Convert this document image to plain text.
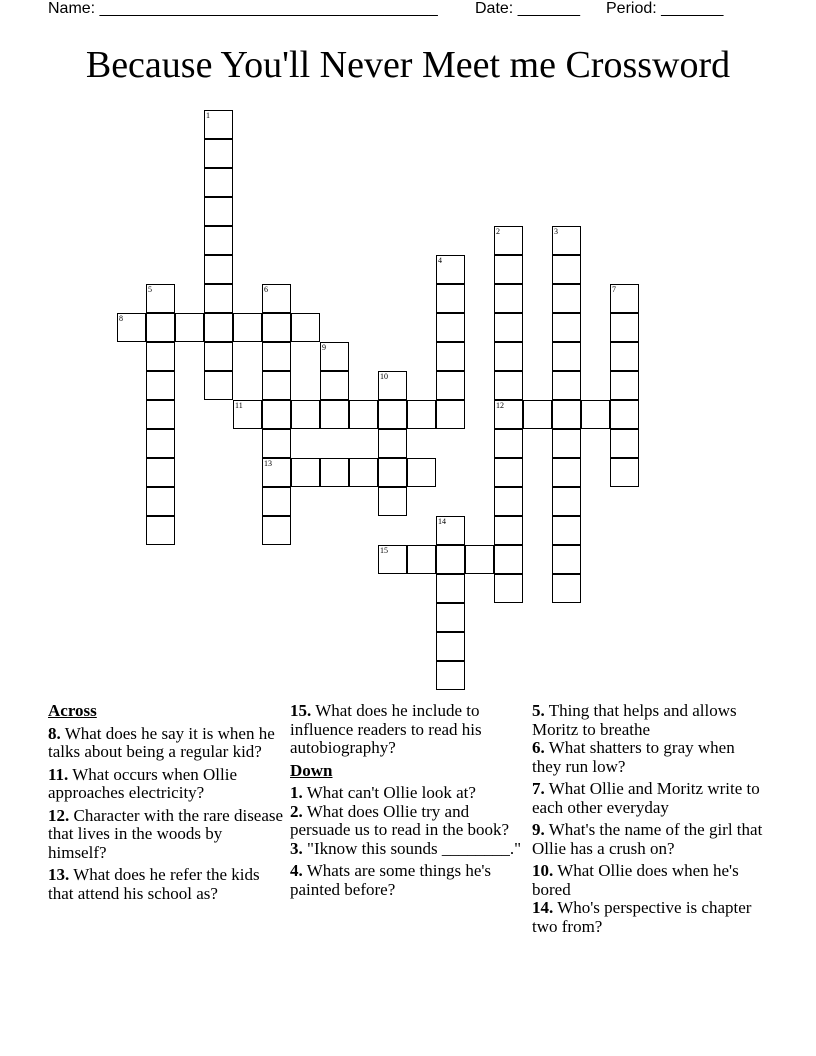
Name: ______________________________________ Date: _______ Period: _______
Because You'll Never Meet me Crossword
1
2
12
3
4
5	6
13
7
8
9
10
11
14
15
Across
8. What does he say it is when he talks about being a regular kid?
11. What occurs when Ollie approaches electricity?
12. Character with the rare disease that lives in the woods by himself?
13. What does he refer the kids that attend his school as?
15. What does he include to influence readers to read his autobiography?
Down
1. What can't Ollie look at?
2. What does Ollie try and persuade us to read in the book?
3. "Iknow this sounds ________."
4. Whats are some things he's painted before?
5. Thing that helps and allows Moritz to breathe
6. What shatters to gray when they run low?
7. What Ollie and Moritz write to each other everyday
9. What's the name of the girl that Ollie has a crush on?
10. What Ollie does when he's bored
14. Who's perspective is chapter two from?
